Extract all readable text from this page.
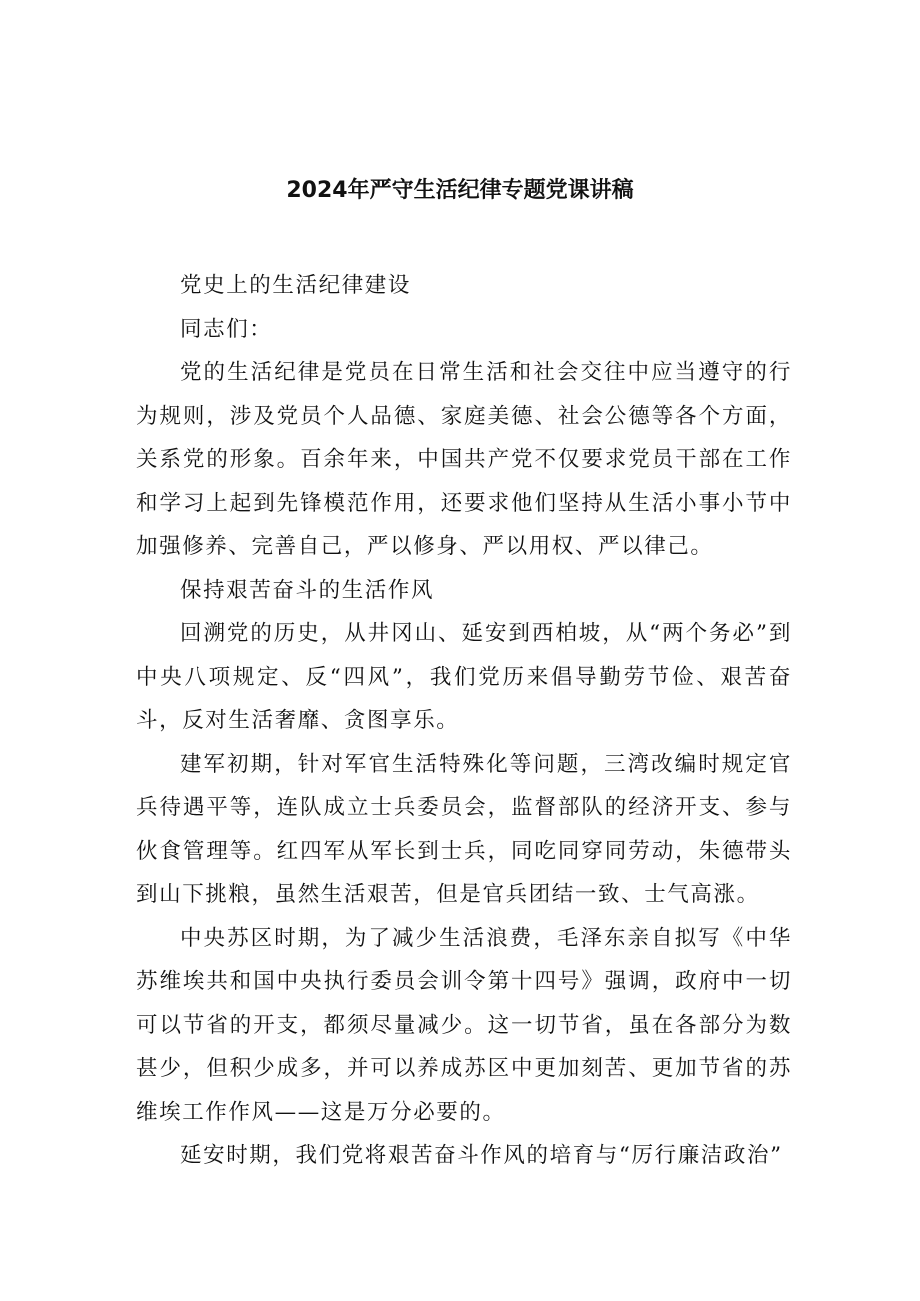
2024年严守生活纪律专题党课讲稿

党史上的生活纪律建设

同志们：

党的生活纪律是党员在日常生活和社会交往中应当遵守的行为规则，涉及党员个人品德、家庭美德、社会公德等各个方面，关系党的形象。百余年来，中国共产党不仅要求党员干部在工作和学习上起到先锋模范作用，还要求他们坚持从生活小事小节中加强修养、完善自己，严以修身、严以用权、严以律己。

保持艰苦奋斗的生活作风

回溯党的历史，从井冈山、延安到西柏坡，从“两个务必”到中央八项规定、反“四风”，我们党历来倡导勤劳节俭、艰苦奋斗，反对生活奢靡、贪图享乐。

建军初期，针对军官生活特殊化等问题，三湾改编时规定官兵待遇平等，连队成立士兵委员会，监督部队的经济开支、参与伙食管理等。红四军从军长到士兵，同吃同穿同劳动，朱德带头到山下挑粮，虽然生活艰苦，但是官兵团结一致、士气高涨。

中央苏区时期，为了减少生活浪费，毛泽东亲自拟写《中华苏维埃共和国中央执行委员会训令第十四号》强调，政府中一切可以节省的开支，都须尽量减少。这一切节省，虽在各部分为数甚少，但积少成多，并可以养成苏区中更加刻苦、更加节省的苏维埃工作作风——这是万分必要的。

延安时期，我们党将艰苦奋斗作风的培育与“厉行廉洁政治”
